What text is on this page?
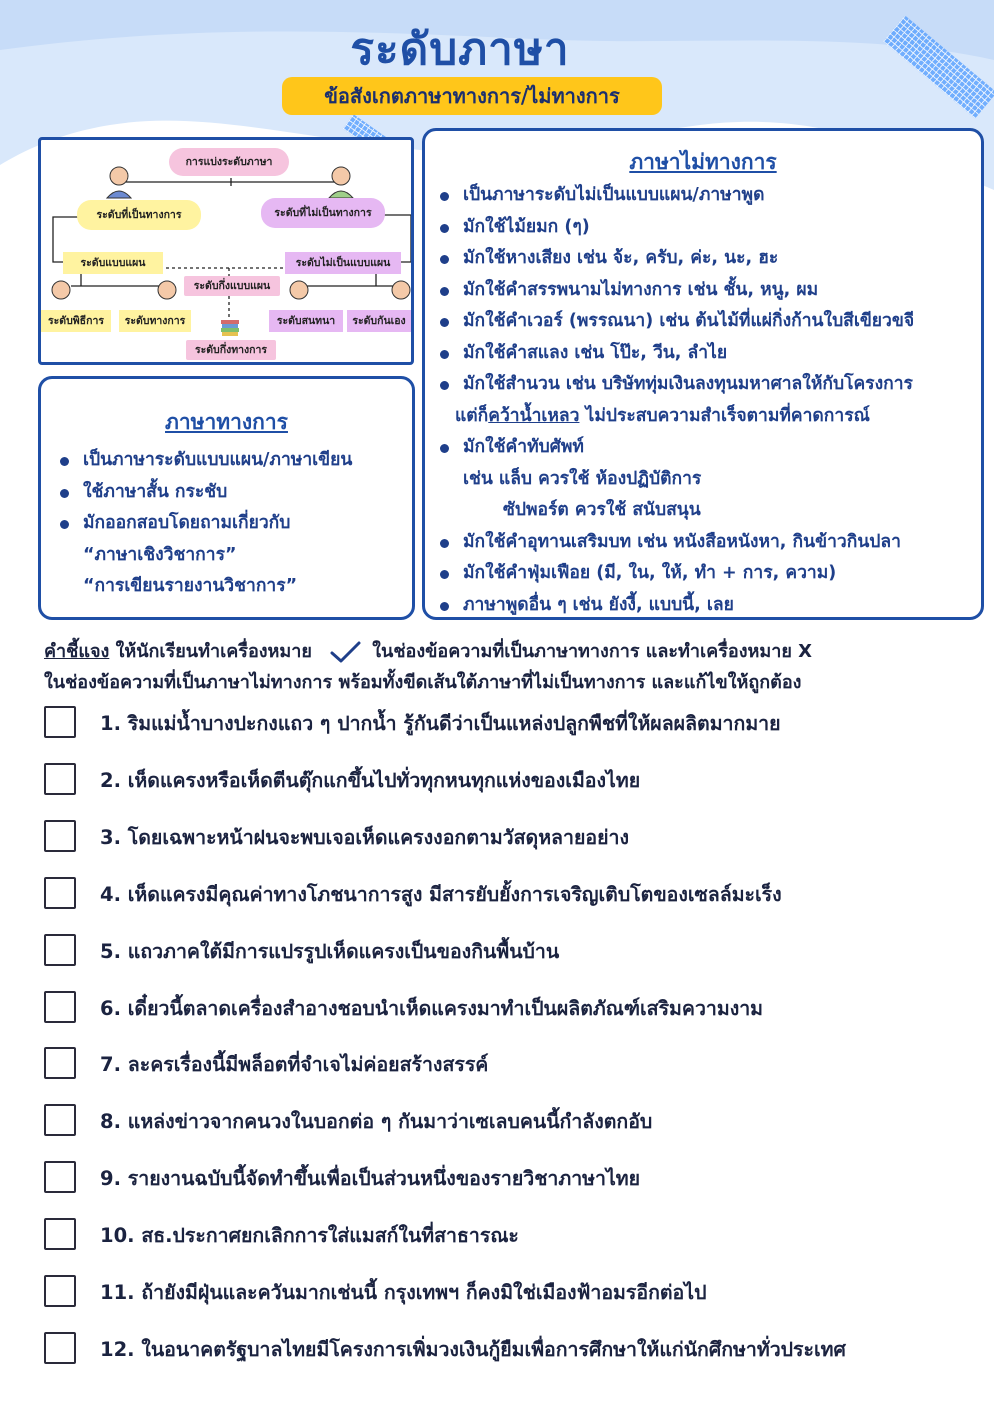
ระดับภาษา
ข้อสังเกตภาษาทางการ/ไม่ทางการ
การแบ่งระดับภาษา
ระดับที่เป็นทางการ	ระดับที่ไม่เป็นทางการ
ระดับแบบแผน	ระดับไม่เป็นแบบแผน
ระดับกึ่งแบบแผน
ระดับพิธีการ	ระดับทางการ	ระดับสนทนา	ระดับกันเอง
ระดับกึ่งทางการ
ภาษาทางการ
เป็นภาษาระดับแบบแผน/ภาษาเขียน
ใช้ภาษาสั้น กระชับ
มักออกสอบโดยถามเกี่ยวกับ
“ภาษาเชิงวิชาการ”
“การเขียนรายงานวิชาการ”
ภาษาไม่ทางการ
เป็นภาษาระดับไม่เป็นแบบแผน/ภาษาพูด
มักใช้ไม้ยมก (ๆ)
มักใช้หางเสียง เช่น จ้ะ, ครับ, ค่ะ, นะ, ฮะ
มักใช้คำสรรพนามไม่ทางการ เช่น ชั้น, หนู, ผม
มักใช้คำเวอร์ (พรรณนา) เช่น ต้นไม้ที่แผ่กิ่งก้านใบสีเขียวขจี
มักใช้คำสแลง เช่น โป๊ะ, วีน, ลำไย
มักใช้สำนวน เช่น บริษัททุ่มเงินลงทุนมหาศาลให้กับโครงการ
แต่ก็คว้าน้ำเหลว ไม่ประสบความสำเร็จตามที่คาดการณ์
มักใช้คำทับศัพท์
เช่น แล็บ ควรใช้ ห้องปฏิบัติการ
ซัปพอร์ต ควรใช้ สนับสนุน
มักใช้คำอุทานเสริมบท เช่น หนังสือหนังหา, กินข้าวกินปลา
มักใช้คำฟุ่มเฟือย (มี, ใน, ให้, ทำ + การ, ความ)
ภาษาพูดอื่น ๆ เช่น ยังงี้, แบบนี้, เลย
คำชี้แจง ให้นักเรียนทำเครื่องหมาย	ในช่องข้อความที่เป็นภาษาทางการ และทำเครื่องหมาย X
ในช่องข้อความที่เป็นภาษาไม่ทางการ พร้อมทั้งขีดเส้นใต้ภาษาที่ไม่เป็นทางการ และแก้ไขให้ถูกต้อง
1. ริมแม่น้ำบางปะกงแถว ๆ ปากน้ำ รู้กันดีว่าเป็นแหล่งปลูกพืชที่ให้ผลผลิตมากมาย
2. เห็ดแครงหรือเห็ดตีนตุ๊กแกขึ้นไปทั่วทุกหนทุกแห่งของเมืองไทย
3. โดยเฉพาะหน้าฝนจะพบเจอเห็ดแครงงอกตามวัสดุหลายอย่าง
4. เห็ดแครงมีคุณค่าทางโภชนาการสูง มีสารยับยั้งการเจริญเติบโตของเซลล์มะเร็ง
5. แถวภาคใต้มีการแปรรูปเห็ดแครงเป็นของกินพื้นบ้าน
6. เดี๋ยวนี้ตลาดเครื่องสำอางชอบนำเห็ดแครงมาทำเป็นผลิตภัณฑ์เสริมความงาม
7. ละครเรื่องนี้มีพล็อตที่จำเจไม่ค่อยสร้างสรรค์
8. แหล่งข่าวจากคนวงในบอกต่อ ๆ กันมาว่าเซเลบคนนี้กำลังตกอับ
9. รายงานฉบับนี้จัดทำขึ้นเพื่อเป็นส่วนหนึ่งของรายวิชาภาษาไทย
10. สธ.ประกาศยกเลิกการใส่แมสก์ในที่สาธารณะ
11. ถ้ายังมีฝุ่นและควันมากเช่นนี้ กรุงเทพฯ ก็คงมิใช่เมืองฟ้าอมรอีกต่อไป
12. ในอนาคตรัฐบาลไทยมีโครงการเพิ่มวงเงินกู้ยืมเพื่อการศึกษาให้แก่นักศึกษาทั่วประเทศ
